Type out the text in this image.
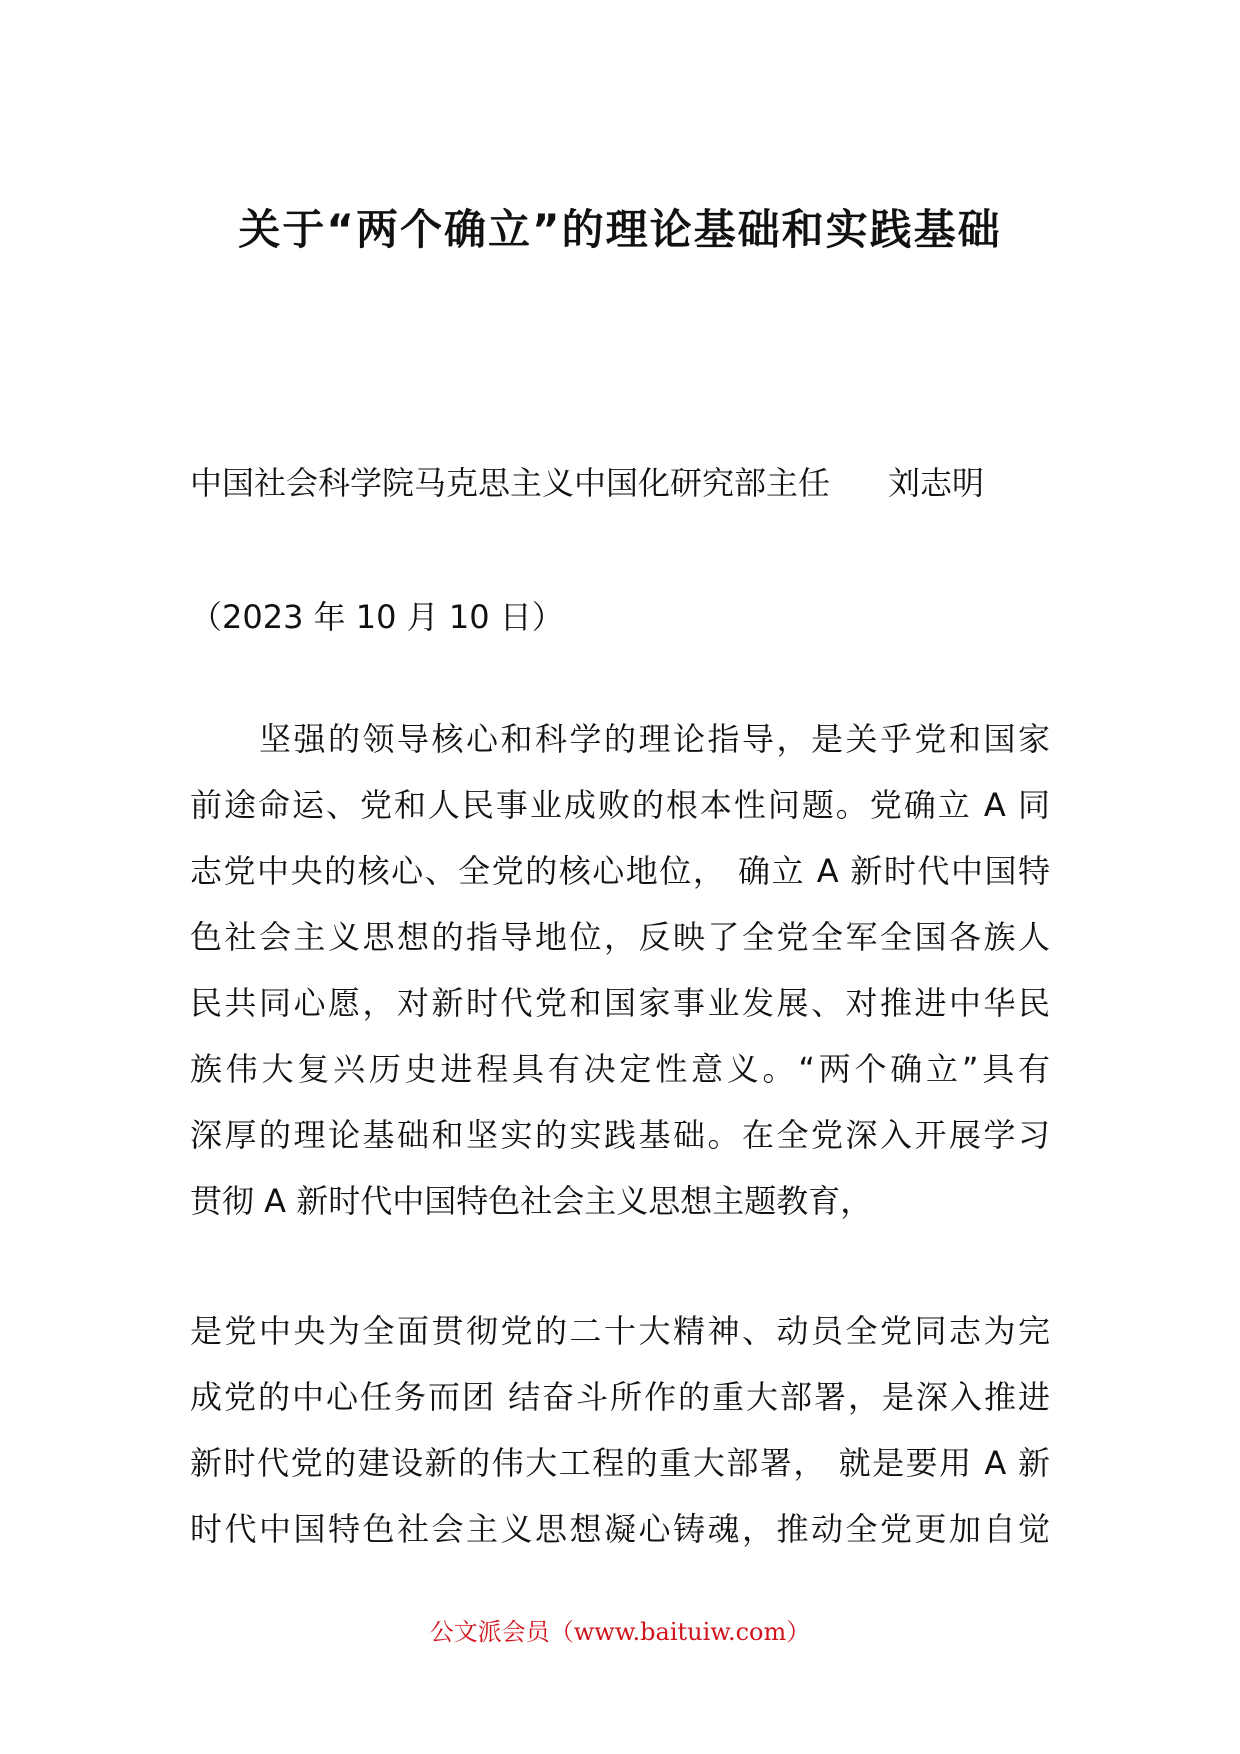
关于“两个确立”的理论基础和实践基础
中国社会科学院马克思主义中国化研究部主任 刘志明
（2023 年 10 月 10 日）
　　坚强的领导核心和科学的理论指导，是关乎党和国家
前途命运、党和人民事业成败的根本性问题。党确立 A 同
志党中央的核心、全党的核心地位， 确立 A 新时代中国特
色社会主义思想的指导地位，反映了全党全军全国各族人
民共同心愿，对新时代党和国家事业发展、对推进中华民
族伟大复兴历史进程具有决定性意义。“两个确立”具有
深厚的理论基础和坚实的实践基础。在全党深入开展学习
贯彻 A 新时代中国特色社会主义思想主题教育，
是党中央为全面贯彻党的二十大精神、动员全党同志为完
成党的中心任务而团 结奋斗所作的重大部署，是深入推进
新时代党的建设新的伟大工程的重大部署， 就是要用 A 新
时代中国特色社会主义思想凝心铸魂，推动全党更加自觉
公文派会员（www.baituiw.com）
